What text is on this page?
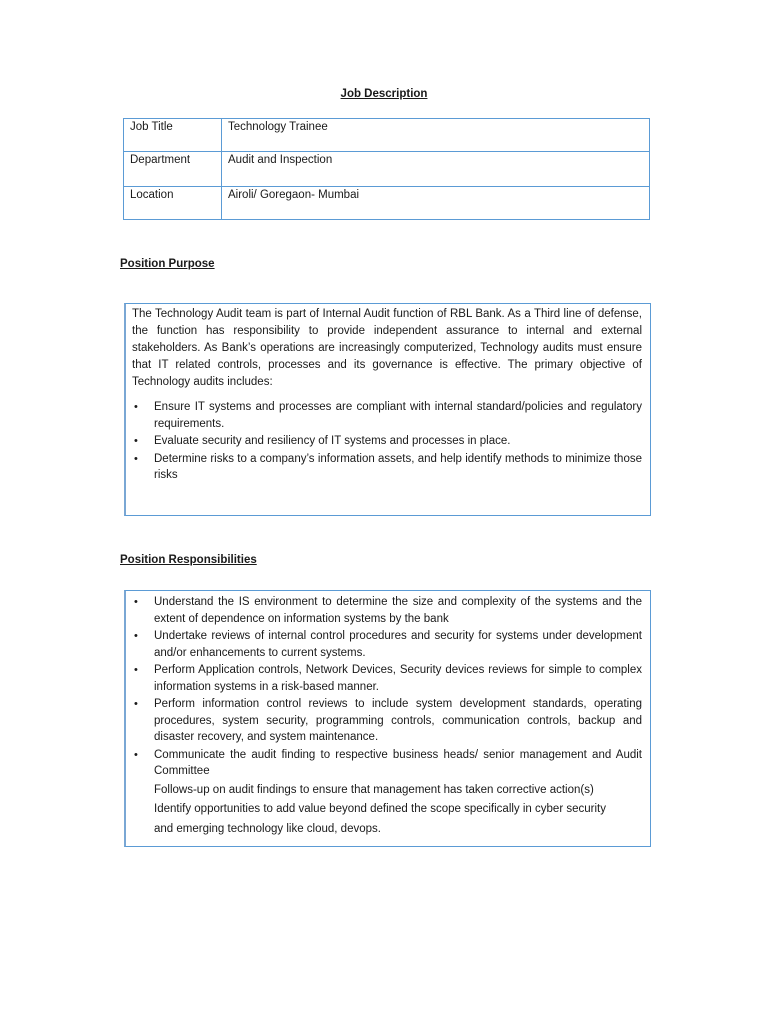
Job Description
Job Title	Technology Trainee
Department	Audit and Inspection
Location	Airoli/ Goregaon- Mumbai
Position Purpose

The Technology Audit team is part of Internal Audit function of RBL Bank. As a Third line of defense, the function has responsibility to provide independent assurance to internal and external stakeholders. As Bank’s operations are increasingly computerized, Technology audits must ensure that IT related controls, processes and its governance is effective. The primary objective of Technology audits includes:

• Ensure IT systems and processes are compliant with internal standard/policies and regulatory requirements.
• Evaluate security and resiliency of IT systems and processes in place.
• Determine risks to a company’s information assets, and help identify methods to minimize those risks
Position Responsibilities
• Understand the IS environment to determine the size and complexity of the systems and the extent of dependence on information systems by the bank
• Undertake reviews of internal control procedures and security for systems under development and/or enhancements to current systems.
• Perform Application controls, Network Devices, Security devices reviews for simple to complex information systems in a risk-based manner.
• Perform information control reviews to include system development standards, operating procedures, system security, programming controls, communication controls, backup and disaster recovery, and system maintenance.
• Communicate the audit finding to respective business heads/ senior management and Audit Committee
Follows-up on audit findings to ensure that management has taken corrective action(s)
Identify opportunities to add value beyond defined the scope specifically in cyber security
and emerging technology like cloud, devops.
